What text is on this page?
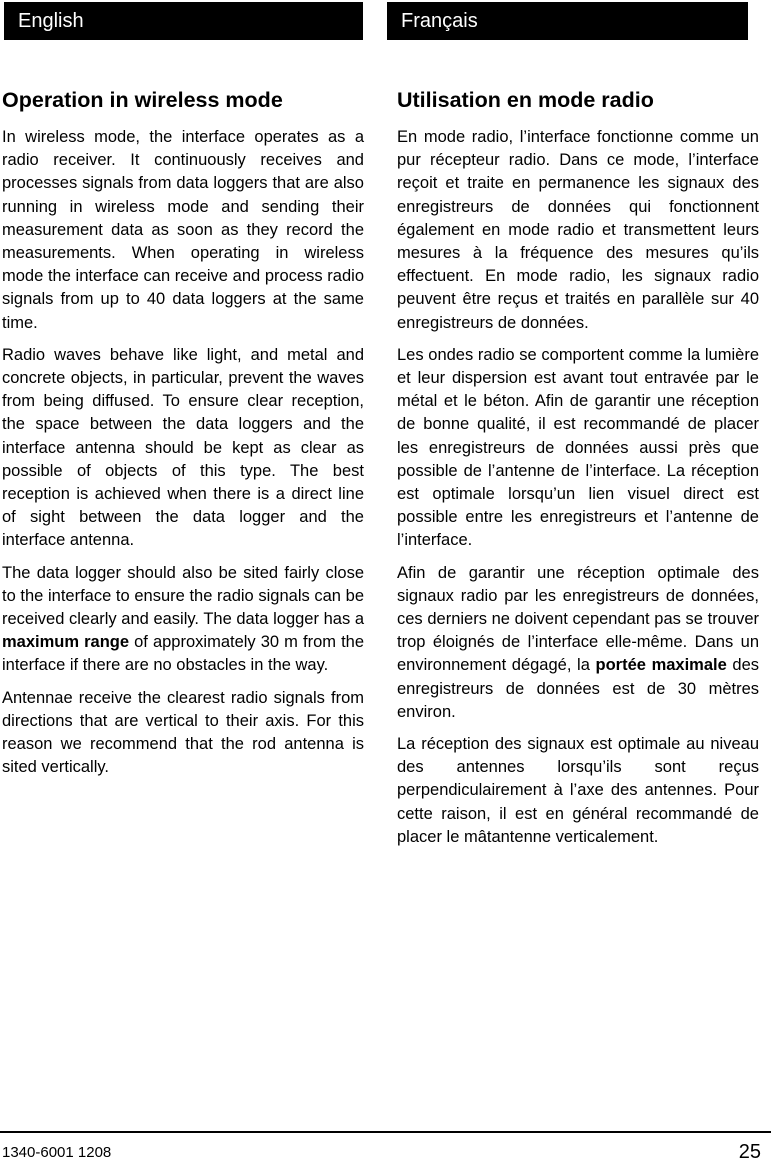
English	Français
Operation in wireless mode

In wireless mode, the interface operates as a radio receiver. It continuously receives and processes signals from data loggers that are also running in wireless mode and sending their measurement data as soon as they record the measurements. When operating in wireless mode the interface can receive and process radio signals from up to 40 data loggers at the same time.

Radio waves behave like light, and metal and concrete objects, in particular, prevent the waves from being diffused. To ensure clear reception, the space between the data loggers and the interface antenna should be kept as clear as possible of objects of this type. The best reception is achieved when there is a direct line of sight between the data logger and the interface antenna.

The data logger should also be sited fairly close to the interface to ensure the radio signals can be received clearly and easily. The data logger has a maximum range of approximately 30 m from the interface if there are no obstacles in the way.

Antennae receive the clearest radio signals from directions that are vertical to their axis. For this reason we recommend that the rod antenna is sited vertically.

Utilisation en mode radio

En mode radio, l’interface fonctionne comme un pur récepteur radio. Dans ce mode, l’interface reçoit et traite en permanence les signaux des enregistreurs de données qui fonctionnent également en mode radio et transmettent leurs mesures à la fréquence des mesures qu’ils effectuent. En mode radio, les signaux radio peuvent être reçus et traités en parallèle sur 40 enregistreurs de données.

Les ondes radio se comportent comme la lumière et leur dispersion est avant tout entravée par le métal et le béton. Afin de garantir une réception de bonne qualité, il est recommandé de placer les enregistreurs de données aussi près que possible de l’antenne de l’interface. La réception est optimale lorsqu’un lien visuel direct est possible entre les enregistreurs et l’antenne de l’interface.

Afin de garantir une réception optimale des signaux radio par les enregistreurs de données, ces derniers ne doivent cependant pas se trouver trop éloignés de l’interface elle-même. Dans un environnement dégagé, la portée maximale des enregistreurs de données est de 30 mètres environ.

La réception des signaux est optimale au niveau des antennes lorsqu’ils sont reçus perpendiculairement à l’axe des antennes. Pour cette raison, il est en général recommandé de placer le mâtantenne verticalement.

1340-6001 1208	25
